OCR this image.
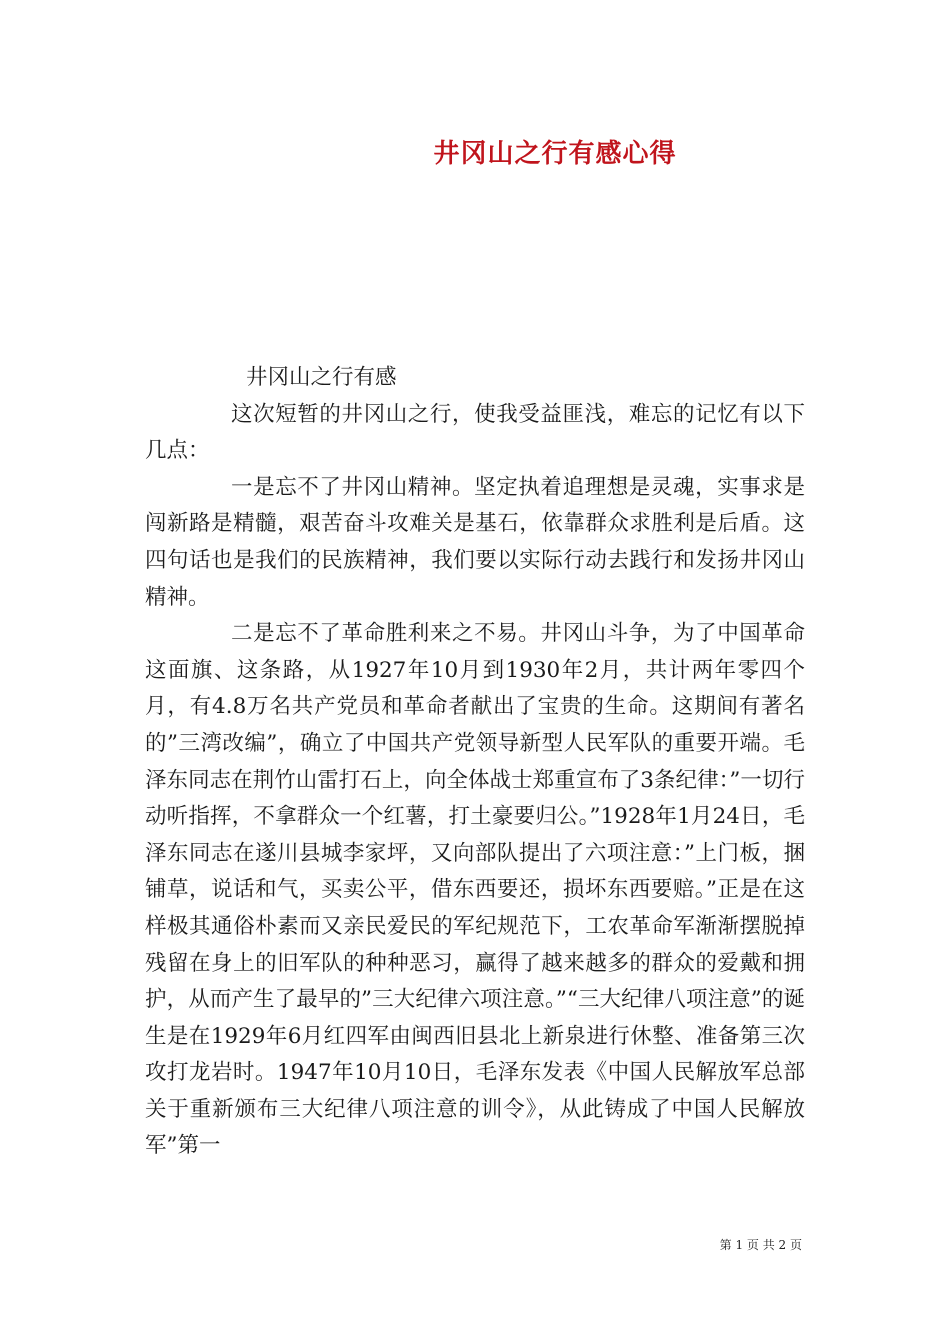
井冈山之行有感心得

井冈山之行有感

这次短暂的井冈山之行，使我受益匪浅，难忘的记忆有以下几点：

一是忘不了井冈山精神。坚定执着追理想是灵魂，实事求是闯新路是精髓，艰苦奋斗攻难关是基石，依靠群众求胜利是后盾。这四句话也是我们的民族精神，我们要以实际行动去践行和发扬井冈山精神。

二是忘不了革命胜利来之不易。井冈山斗争，为了中国革命这面旗、这条路，从1927年10月到1930年2月，共计两年零四个月，有4.8万名共产党员和革命者献出了宝贵的生命。这期间有著名的”三湾改编”，确立了中国共产党领导新型人民军队的重要开端。毛泽东同志在荆竹山雷打石上，向全体战士郑重宣布了3条纪律：”一切行动听指挥，不拿群众一个红薯，打土豪要归公。”1928年1月24日，毛泽东同志在遂川县城李家坪，又向部队提出了六项注意：”上门板，捆铺草，说话和气，买卖公平，借东西要还，损坏东西要赔。”正是在这样极其通俗朴素而又亲民爱民的军纪规范下，工农革命军渐渐摆脱掉残留在身上的旧军队的种种恶习，赢得了越来越多的群众的爱戴和拥护，从而产生了最早的”三大纪律六项注意。”“三大纪律八项注意”的诞生是在1929年6月红四军由闽西旧县北上新泉进行休整、准备第三次攻打龙岩时。1947年10月10日，毛泽东发表《中国人民解放军总部关于重新颁布三大纪律八项注意的训令》，从此铸成了中国人民解放军”第一

第 1 页 共 2 页
